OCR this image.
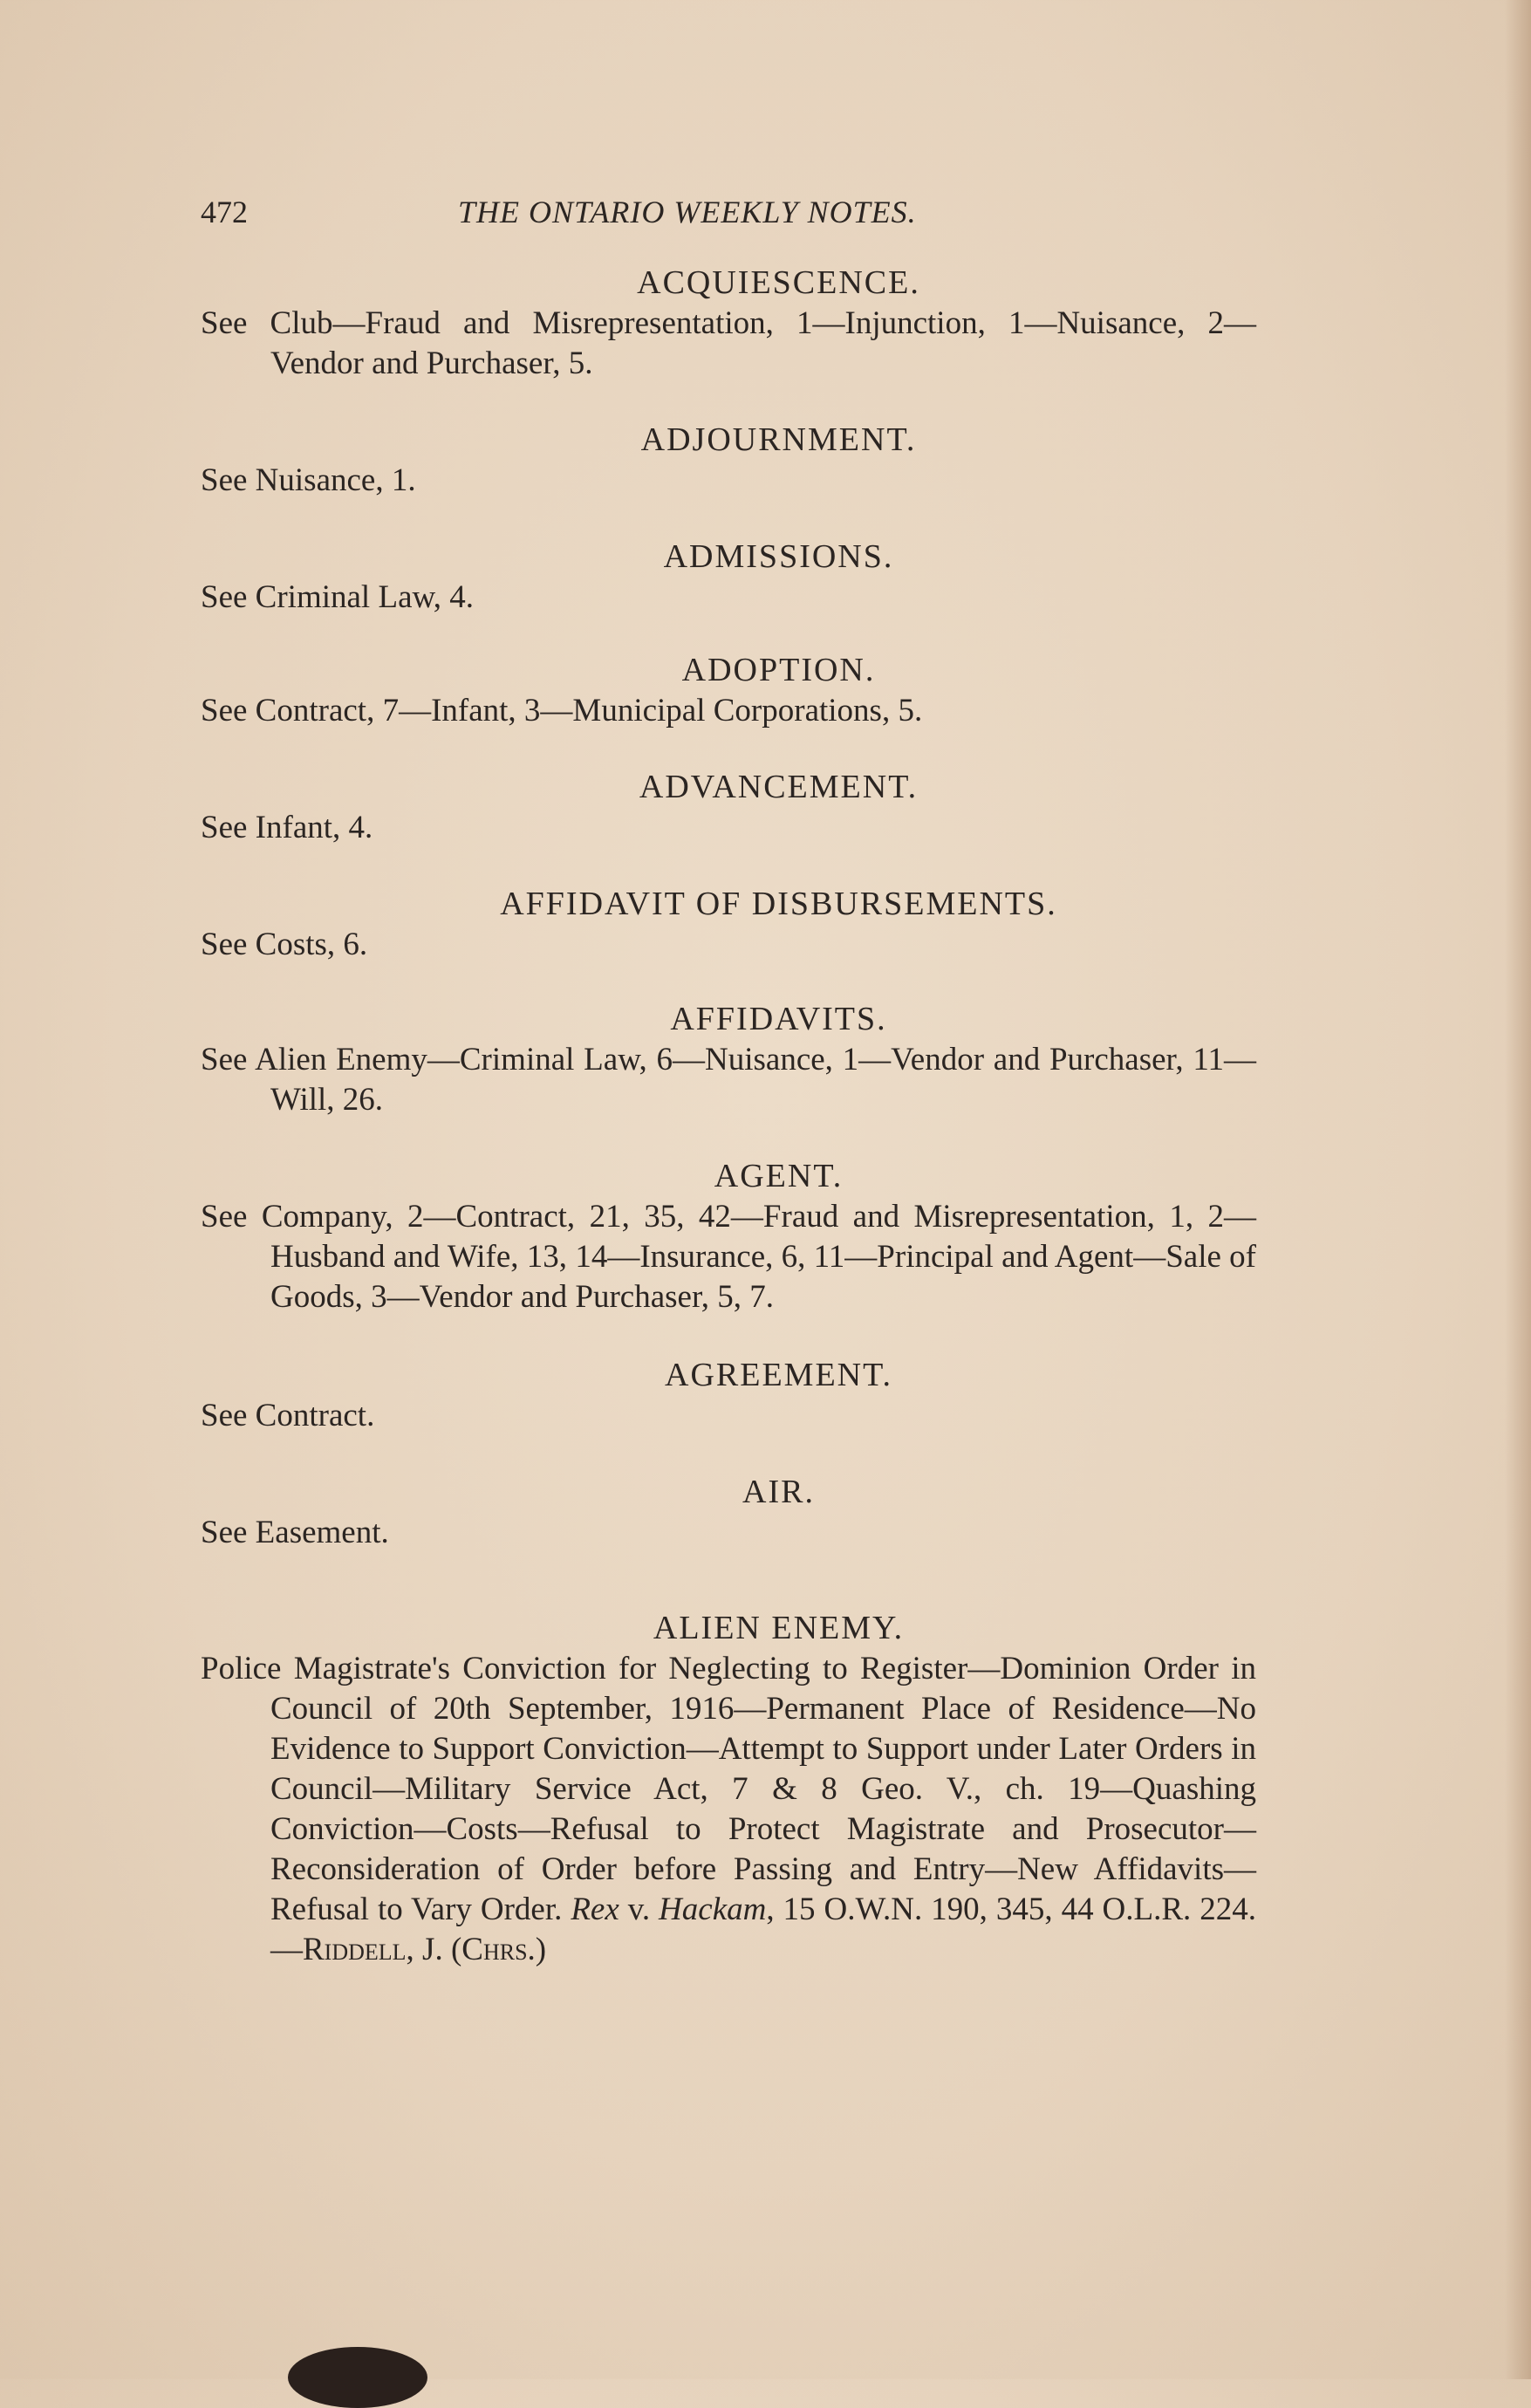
472	THE ONTARIO WEEKLY NOTES.
ACQUIESCENCE.

See Club—Fraud and Misrepresentation, 1—Injunction, 1—Nuisance, 2—Vendor and Purchaser, 5.

ADJOURNMENT.

See Nuisance, 1.

ADMISSIONS.

See Criminal Law, 4.

ADOPTION.

See Contract, 7—Infant, 3—Municipal Corporations, 5.

ADVANCEMENT.

See Infant, 4.

AFFIDAVIT OF DISBURSEMENTS.

See Costs, 6.

AFFIDAVITS.

See Alien Enemy—Criminal Law, 6—Nuisance, 1—Vendor and Purchaser, 11—Will, 26.

AGENT.

See Company, 2—Contract, 21, 35, 42—Fraud and Misrepresentation, 1, 2—Husband and Wife, 13, 14—Insurance, 6, 11—Principal and Agent—Sale of Goods, 3—Vendor and Purchaser, 5, 7.

AGREEMENT.

See Contract.

AIR.

See Easement.

ALIEN ENEMY.

Police Magistrate's Conviction for Neglecting to Register—Dominion Order in Council of 20th September, 1916—Permanent Place of Residence—No Evidence to Support Conviction—Attempt to Support under Later Orders in Council—Military Service Act, 7 & 8 Geo. V., ch. 19—Quashing Conviction—Costs—Refusal to Protect Magistrate and Prosecutor—Reconsideration of Order before Passing and Entry—New Affidavits—Refusal to Vary Order. Rex v. Hackam, 15 O.W.N. 190, 345, 44 O.L.R. 224.—Riddell, J. (Chrs.)
